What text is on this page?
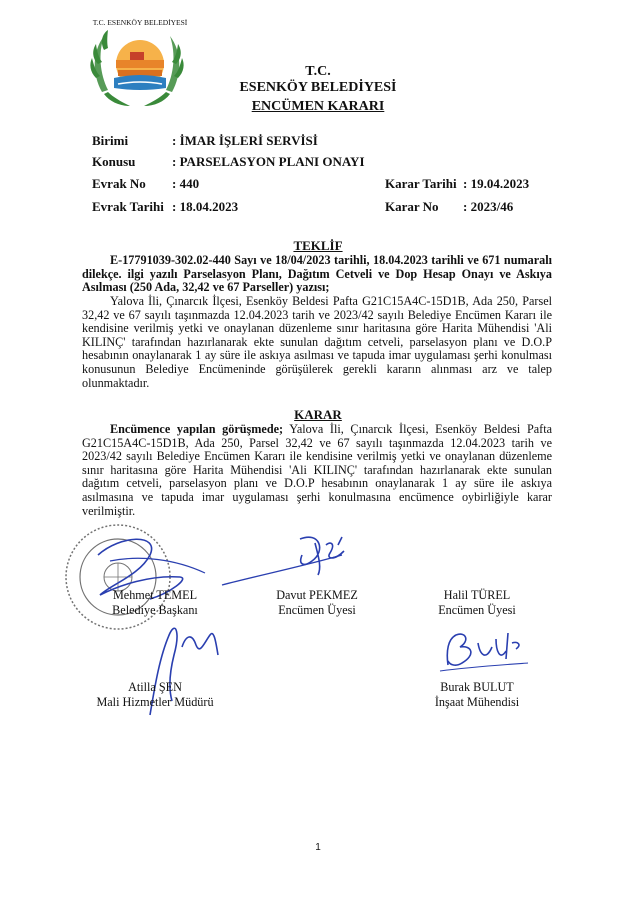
T.C. ESENKÖY BELEDİYESİ
T.C.
ESENKÖY BELEDİYESİ
ENCÜMEN KARARI
Birimi	: İMAR İŞLERİ SERVİSİ
Konusu	: PARSELASYON PLANI ONAYI
Evrak No : 440	Karar Tarihi : 19.04.2023
Evrak Tarihi : 18.04.2023	Karar No : 2023/46
TEKLİF
E-17791039-302.02-440 Sayı ve 18/04/2023 tarihli, 18.04.2023 tarihli ve 671 numaralı dilekçe. ilgi yazılı Parselasyon Planı, Dağıtım Cetveli ve Dop Hesap Onayı ve Askıya Asılması (250 Ada, 32,42 ve 67 Parseller) yazısı;
Yalova İli, Çınarcık İlçesi, Esenköy Beldesi Pafta G21C15A4C-15D1B, Ada 250, Parsel 32,42 ve 67 sayılı taşınmazda 12.04.2023 tarih ve 2023/42 sayılı Belediye Encümen Kararı ile kendisine verilmiş yetki ve onaylanan düzenleme sınır haritasına göre Harita Mühendisi 'Ali KILINÇ' tarafından hazırlanarak ekte sunulan dağıtım cetveli, parselasyon planı ve D.O.P hesabının onaylanarak 1 ay süre ile askıya asılması ve tapuda imar uygulaması şerhi konulması konusunun Belediye Encümeninde görüşülerek gerekli kararın alınması arz ve talep olunmaktadır.
KARAR
Encümence yapılan görüşmede; Yalova İli, Çınarcık İlçesi, Esenköy Beldesi Pafta G21C15A4C-15D1B, Ada 250, Parsel 32,42 ve 67 sayılı taşınmazda 12.04.2023 tarih ve 2023/42 sayılı Belediye Encümen Kararı ile kendisine verilmiş yetki ve onaylanan düzenleme sınır haritasına göre Harita Mühendisi 'Ali KILINÇ' tarafından hazırlanarak ekte sunulan dağıtım cetveli, parselasyon planı ve D.O.P hesabının onaylanarak 1 ay süre ile askıya asılmasına ve tapuda imar uygulaması şerhi konulmasına encümence oybirliğiyle karar verilmiştir.
Mehmet TEMEL
Belediye Başkanı
Davut PEKMEZ
Encümen Üyesi
Halil TÜREL
Encümen Üyesi
Atilla ŞEN
Mali Hizmetler Müdürü
Burak BULUT
İnşaat Mühendisi
1
